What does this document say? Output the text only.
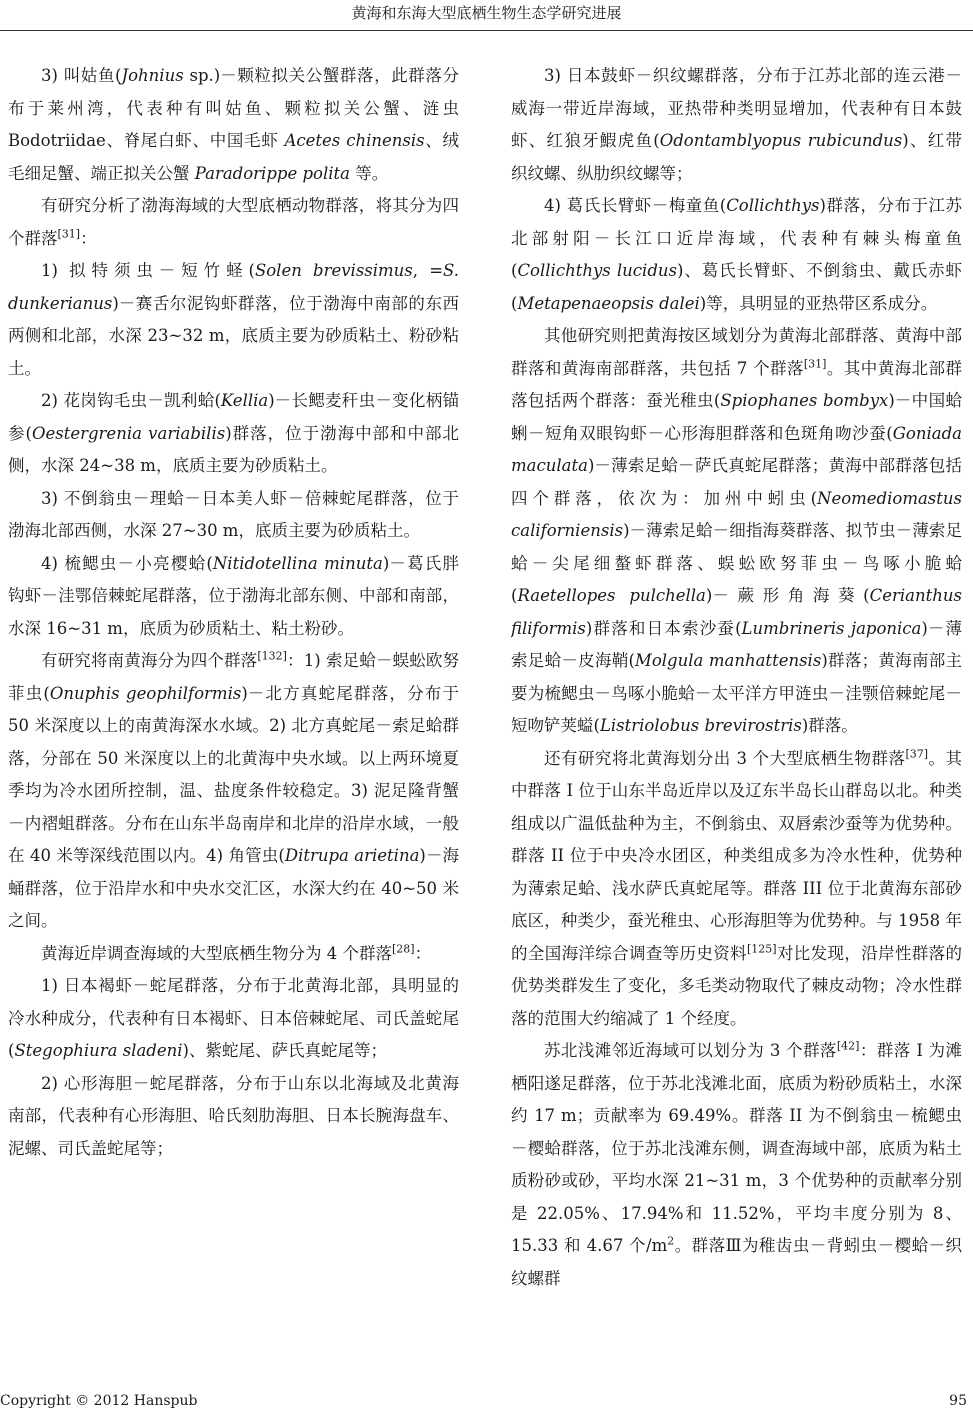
黄海和东海大型底栖生物生态学研究进展

3) 叫姑鱼(Johnius sp.)－颗粒拟关公蟹群落，此群落分布于莱州湾，代表种有叫姑鱼、颗粒拟关公蟹、涟虫 Bodotriidae、脊尾白虾、中国毛虾 Acetes chinensis、绒毛细足蟹、端正拟关公蟹 Paradorippe polita 等。

有研究分析了渤海海域的大型底栖动物群落，将其分为四个群落[31]：

1) 拟特须虫－短竹蛏(Solen brevissimus, =S. dunkerianus)－赛舌尔泥钩虾群落，位于渤海中南部的东西两侧和北部，水深 23~32 m，底质主要为砂质粘土、粉砂粘土。

2) 花岗钩毛虫－凯利蛤(Kellia)－长鳃麦秆虫－变化柄锚参(Oestergrenia variabilis)群落，位于渤海中部和中部北侧，水深 24~38 m，底质主要为砂质粘土。

3) 不倒翁虫－理蛤－日本美人虾－倍棘蛇尾群落，位于渤海北部西侧，水深 27~30 m，底质主要为砂质粘土。

4) 梳鳃虫－小亮樱蛤(Nitidotellina minuta)－葛氏胖钩虾－洼鄂倍棘蛇尾群落，位于渤海北部东侧、中部和南部，水深 16~31 m，底质为砂质粘土、粘土粉砂。

有研究将南黄海分为四个群落[132]：1) 索足蛤－蜈蚣欧努菲虫(Onuphis geophilformis)－北方真蛇尾群落，分布于 50 米深度以上的南黄海深水水域。2) 北方真蛇尾－索足蛤群落，分部在 50 米深度以上的北黄海中央水域。以上两环境夏季均为冷水团所控制，温、盐度条件较稳定。3) 泥足隆背蟹－内褶蛆群落。分布在山东半岛南岸和北岸的沿岸水域，一般在 40 米等深线范围以内。4) 角管虫(Ditrupa arietina)－海蛹群落，位于沿岸水和中央水交汇区，水深大约在 40~50 米之间。

黄海近岸调查海域的大型底栖生物分为 4 个群落[28]：

1) 日本褐虾－蛇尾群落，分布于北黄海北部，具明显的冷水种成分，代表种有日本褐虾、日本倍棘蛇尾、司氏盖蛇尾(Stegophiura sladeni)、紫蛇尾、萨氏真蛇尾等；

2) 心形海胆－蛇尾群落，分布于山东以北海域及北黄海南部，代表种有心形海胆、哈氏刻肋海胆、日本长腕海盘车、泥螺、司氏盖蛇尾等；

3) 日本鼓虾－织纹螺群落，分布于江苏北部的连云港－威海一带近岸海域，亚热带种类明显增加，代表种有日本鼓虾、红狼牙鰕虎鱼(Odontamblyopus rubicundus)、红带织纹螺、纵肋织纹螺等；

4) 葛氏长臂虾－梅童鱼(Collichthys)群落，分布于江苏北部射阳－长江口近岸海域，代表种有棘头梅童鱼(Collichthys lucidus)、葛氏长臂虾、不倒翁虫、戴氏赤虾(Metapenaeopsis dalei)等，具明显的亚热带区系成分。

其他研究则把黄海按区域划分为黄海北部群落、黄海中部群落和黄海南部群落，共包括 7 个群落[31]。其中黄海北部群落包括两个群落：蚕光稚虫(Spiophanes bombyx)－中国蛤蜊－短角双眼钩虾－心形海胆群落和色斑角吻沙蚕(Goniada maculata)－薄索足蛤－萨氏真蛇尾群落；黄海中部群落包括四个群落，依次为：加州中蚓虫(Neomediomastus californiensis)－薄索足蛤－细指海葵群落、拟节虫－薄索足蛤－尖尾细螯虾群落、蜈蚣欧努菲虫－鸟啄小脆蛤(Raetellopes pulchella)－蕨形角海葵(Cerianthus filiformis)群落和日本索沙蚕(Lumbrineris japonica)－薄索足蛤－皮海鞘(Molgula manhattensis)群落；黄海南部主要为梳鳃虫－鸟啄小脆蛤－太平洋方甲涟虫－洼颚倍棘蛇尾－短吻铲荚螠(Listriolobus brevirostris)群落。

还有研究将北黄海划分出 3 个大型底栖生物群落[37]。其中群落 I 位于山东半岛近岸以及辽东半岛长山群岛以北。种类组成以广温低盐种为主，不倒翁虫、双唇索沙蚕等为优势种。群落 II 位于中央冷水团区，种类组成多为冷水性种，优势种为薄索足蛤、浅水萨氏真蛇尾等。群落 III 位于北黄海东部砂底区，种类少，蚕光稚虫、心形海胆等为优势种。与 1958 年的全国海洋综合调查等历史资料[125]对比发现，沿岸性群落的优势类群发生了变化，多毛类动物取代了棘皮动物；冷水性群落的范围大约缩减了 1 个经度。

苏北浅滩邻近海域可以划分为 3 个群落[42]：群落 I 为滩栖阳遂足群落，位于苏北浅滩北面，底质为粉砂质粘土，水深约 17 m；贡献率为 69.49%。群落 II 为不倒翁虫－梳鳃虫－樱蛤群落，位于苏北浅滩东侧，调查海域中部，底质为粘土质粉砂或砂，平均水深 21~31 m，3 个优势种的贡献率分别是 22.05%、17.94%和 11.52%，平均丰度分别为 8、15.33 和 4.67 个$/m^2$。群落Ⅲ为稚齿虫－背蚓虫－樱蛤－织纹螺群

Copyright © 2012 Hanspub	95
